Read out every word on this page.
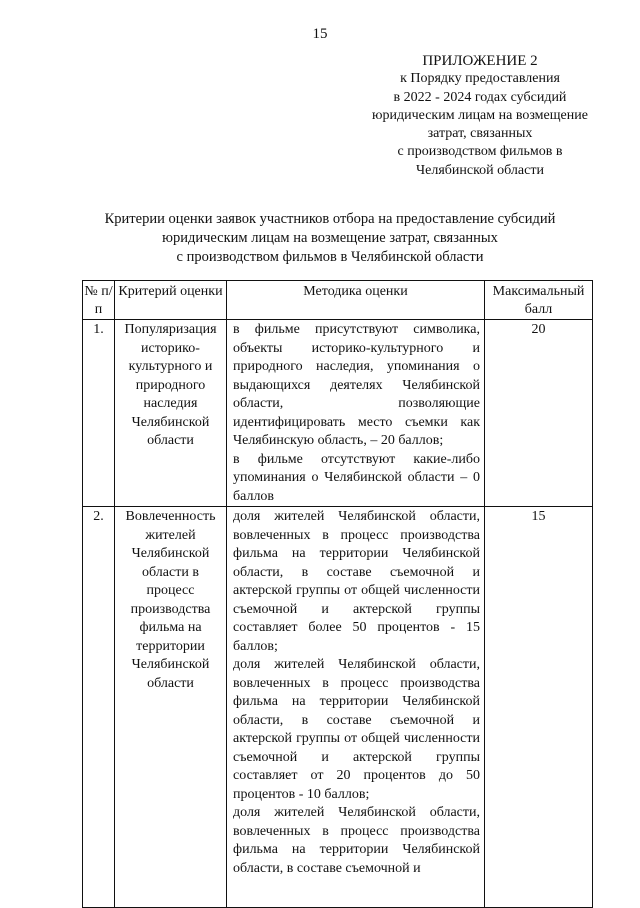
15
ПРИЛОЖЕНИЕ 2
к Порядку предоставления
в 2022 - 2024 годах субсидий
юридическим лицам на возмещение
затрат, связанных
с производством фильмов в
Челябинской области
Критерии оценки заявок участников отбора на предоставление субсидий
юридическим лицам на возмещение затрат, связанных
с производством фильмов в Челябинской области
№ п/п	Критерий оценки	Методика оценки	Максимальный балл
1.	Популяризация историко-культурного и природного наследия Челябинской области	в фильме присутствуют символика, объекты историко-культурного и природного наследия, упоминания о выдающихся деятелях Челябинской области, позволяющие идентифицировать место съемки как Челябинскую область, – 20 баллов;
в фильме отсутствуют какие-либо упоминания о Челябинской области – 0 баллов	20
2.	Вовлеченность жителей Челябинской области в процесс производства фильма на территории Челябинской области	доля жителей Челябинской области, вовлеченных в процесс производства фильма на территории Челябинской области, в составе съемочной и актерской группы от общей численности съемочной и актерской группы составляет более 50 процентов - 15 баллов;
доля жителей Челябинской области, вовлеченных в процесс производства фильма на территории Челябинской области, в составе съемочной и актерской группы от общей численности съемочной и актерской группы составляет от 20 процентов до 50 процентов - 10 баллов;
доля жителей Челябинской области, вовлеченных в процесс производства фильма на территории Челябинской области, в составе съемочной и	15
